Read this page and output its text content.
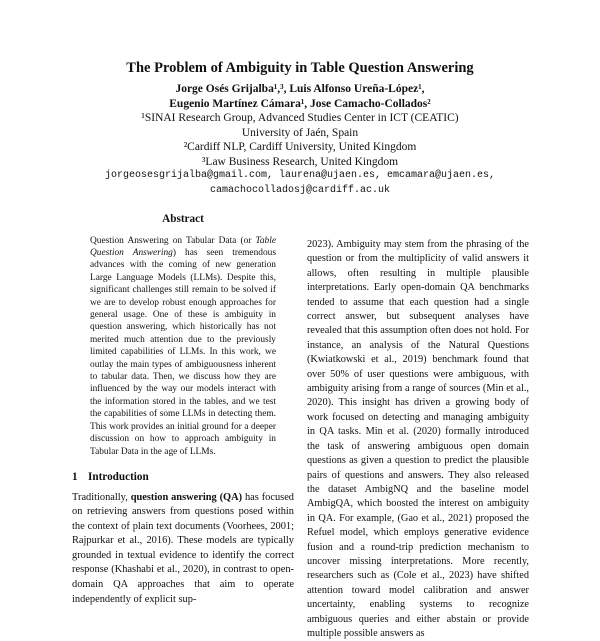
The Problem of Ambiguity in Table Question Answering
Jorge Osés Grijalba¹,³, Luis Alfonso Ureña-López¹,
Eugenio Martínez Cámara¹, Jose Camacho-Collados²
¹SINAI Research Group, Advanced Studies Center in ICT (CEATIC)
University of Jaén, Spain
²Cardiff NLP, Cardiff University, United Kingdom
³Law Business Research, United Kingdom
jorgeosesgrijalba@gmail.com, laurena@ujaen.es, emcamara@ujaen.es,
camachocolladosj@cardiff.ac.uk
Abstract

Question Answering on Tabular Data (or Table Question Answering) has seen tremendous advances with the coming of new generation Large Language Models (LLMs). Despite this, significant challenges still remain to be solved if we are to develop robust enough approaches for general usage. One of these is ambiguity in question answering, which historically has not merited much attention due to the previously limited capabilities of LLMs. In this work, we outlay the main types of ambiguousness inherent to tabular data. Then, we discuss how they are influenced by the way our models interact with the information stored in the tables, and we test the capabilities of some LLMs in detecting them. This work provides an initial ground for a deeper discussion on how to approach ambiguity in Tabular Data in the age of LLMs.

1 Introduction

Traditionally, question answering (QA) has focused on retrieving answers from questions posed within the context of plain text documents (Voorhees, 2001; Rajpurkar et al., 2016). These models are typically grounded in textual evidence to identify the correct response (Khashabi et al., 2020), in contrast to open-domain QA approaches that aim to operate independently of explicit sup-

2023). Ambiguity may stem from the phrasing of the question or from the multiplicity of valid answers it allows, often resulting in multiple plausible interpretations. Early open-domain QA benchmarks tended to assume that each question had a single correct answer, but subsequent analyses have revealed that this assumption often does not hold. For instance, an analysis of the Natural Questions (Kwiatkowski et al., 2019) benchmark found that over 50% of user questions were ambiguous, with ambiguity arising from a range of sources (Min et al., 2020). This insight has driven a growing body of work focused on detecting and managing ambiguity in QA tasks. Min et al. (2020) formally introduced the task of answering ambiguous open domain questions as given a question to predict the plausible pairs of questions and answers. They also released the dataset AmbigNQ and the baseline model AmbigQA, which boosted the interest on ambiguity in QA. For example, (Gao et al., 2021) proposed the Refuel model, which employs generative evidence fusion and a round-trip prediction mechanism to uncover missing interpretations. More recently, researchers such as (Cole et al., 2023) have shifted attention toward model calibration and answer uncertainty, enabling systems to recognize ambiguous queries and either abstain or provide multiple possible answers as
